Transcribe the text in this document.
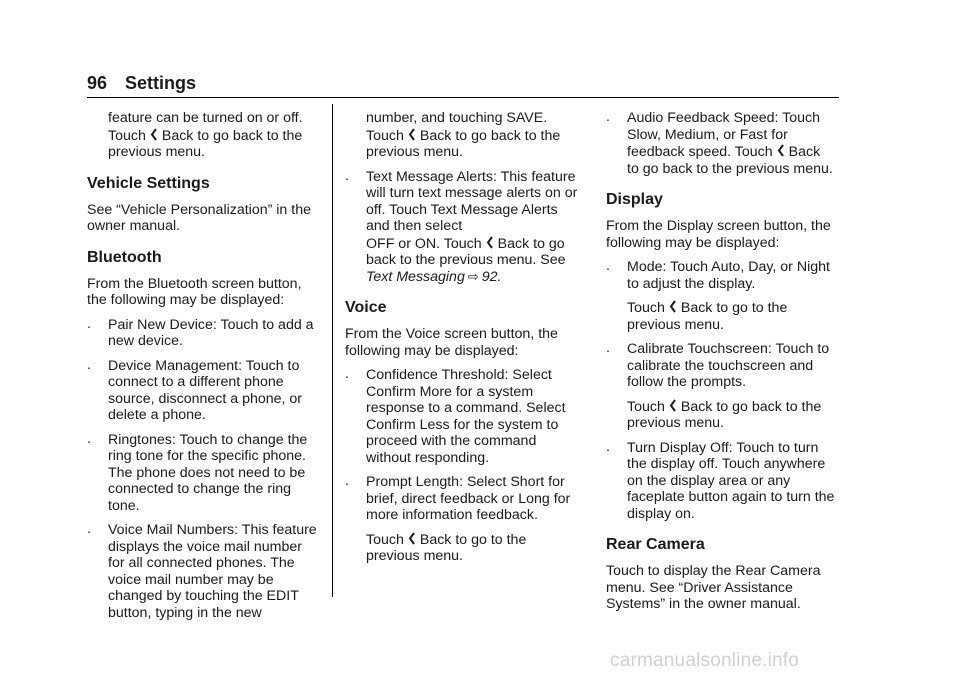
96 Settings
feature can be turned on or off.
Touch Back to go back to the
previous menu.
Vehicle Settings
See “Vehicle Personalization” in the owner manual.
Bluetooth
From the Bluetooth screen button, the following may be displayed:
. Pair New Device: Touch to add a new device.
. Device Management: Touch to connect to a different phone source, disconnect a phone, or delete a phone.
. Ringtones: Touch to change the ring tone for the specific phone. The phone does not need to be connected to change the ring tone.
. Voice Mail Numbers: This feature displays the voice mail number for all connected phones. The voice mail number may be changed by touching the EDIT button, typing in the new
number, and touching SAVE.
Touch Back to go back to the
previous menu.
. Text Message Alerts: This feature will turn text message alerts on or off. Touch Text Message Alerts and then select
OFF or ON. Touch Back to go
back to the previous menu. See
Text Messaging ⇨ 92.
Voice
From the Voice screen button, the following may be displayed:
. Confidence Threshold: Select Confirm More for a system response to a command. Select Confirm Less for the system to proceed with the command without responding.
. Prompt Length: Select Short for brief, direct feedback or Long for more information feedback.
Touch Back to go to the
previous menu.
. Audio Feedback Speed: Touch Slow, Medium, or Fast for
feedback speed. Touch Back
to go back to the previous menu.
Display
From the Display screen button, the following may be displayed:
. Mode: Touch Auto, Day, or Night to adjust the display.
Touch Back to go to the
previous menu.
. Calibrate Touchscreen: Touch to calibrate the touchscreen and follow the prompts.
Touch Back to go back to the
previous menu.
. Turn Display Off: Touch to turn the display off. Touch anywhere on the display area or any faceplate button again to turn the display on.
Rear Camera
Touch to display the Rear Camera menu. See “Driver Assistance Systems” in the owner manual.
carmanualsonline.info
